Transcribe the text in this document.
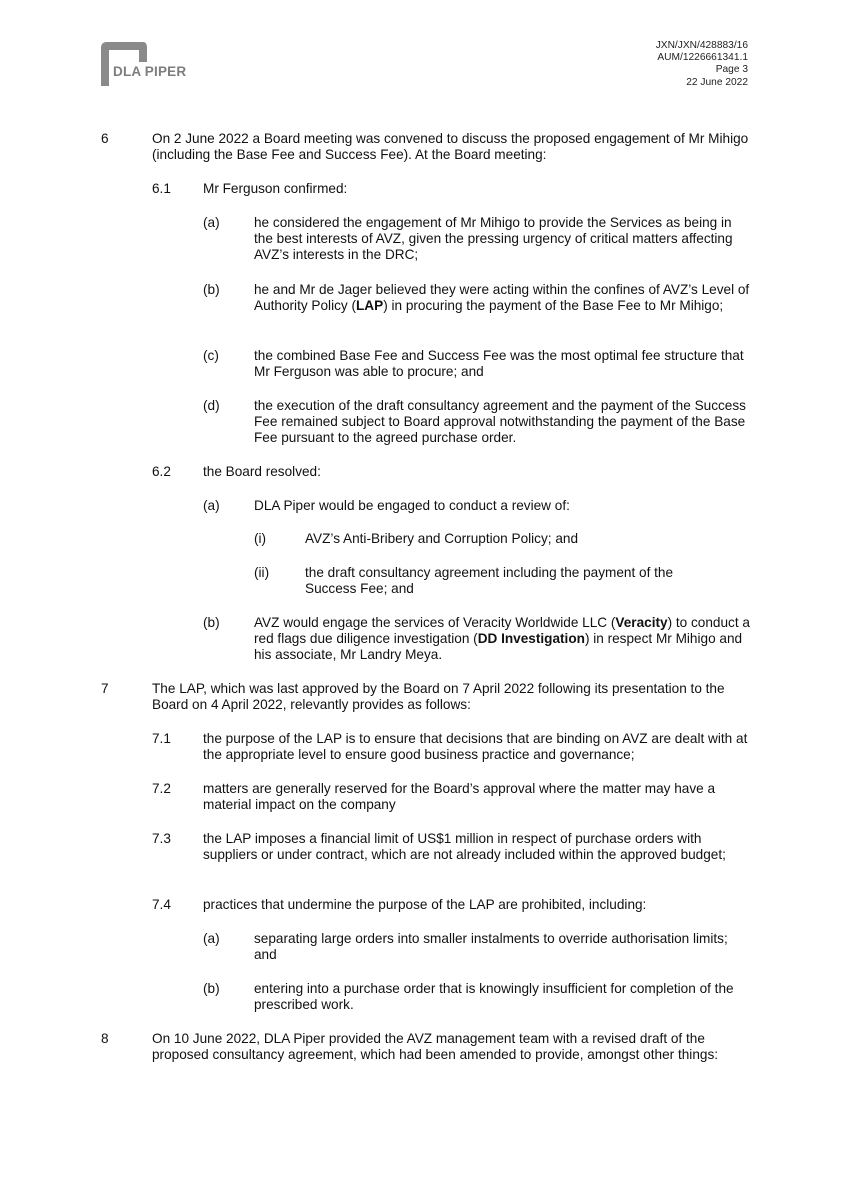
DLA PIPER
JXN/JXN/428883/16
AUM/1226661341.1
Page 3
22 June 2022
6	On 2 June 2022 a Board meeting was convened to discuss the proposed engagement of Mr Mihigo (including the Base Fee and Success Fee). At the Board meeting:
6.1 Mr Ferguson confirmed:
(a)	he considered the engagement of Mr Mihigo to provide the Services as being in the best interests of AVZ, given the pressing urgency of critical matters affecting AVZ’s interests in the DRC;
(b)	he and Mr de Jager believed they were acting within the confines of AVZ’s Level of Authority Policy (LAP) in procuring the payment of the Base Fee to Mr Mihigo;
(c)	the combined Base Fee and Success Fee was the most optimal fee structure that Mr Ferguson was able to procure; and
(d)	the execution of the draft consultancy agreement and the payment of the Success Fee remained subject to Board approval notwithstanding the payment of the Base Fee pursuant to the agreed purchase order.
6.2 the Board resolved:
(a)	DLA Piper would be engaged to conduct a review of:
(i)	AVZ’s Anti-Bribery and Corruption Policy; and
(ii)	the draft consultancy agreement including the payment of the Success Fee; and
(b)	AVZ would engage the services of Veracity Worldwide LLC (Veracity) to conduct a red flags due diligence investigation (DD Investigation) in respect Mr Mihigo and his associate, Mr Landry Meya.
7	The LAP, which was last approved by the Board on 7 April 2022 following its presentation to the Board on 4 April 2022, relevantly provides as follows:
7.1 the purpose of the LAP is to ensure that decisions that are binding on AVZ are dealt with at the appropriate level to ensure good business practice and governance;
7.2 matters are generally reserved for the Board’s approval where the matter may have a material impact on the company
7.3 the LAP imposes a financial limit of US$1 million in respect of purchase orders with suppliers or under contract, which are not already included within the approved budget;
7.4 practices that undermine the purpose of the LAP are prohibited, including:
(a)	separating large orders into smaller instalments to override authorisation limits; and
(b)	entering into a purchase order that is knowingly insufficient for completion of the prescribed work.
8	On 10 June 2022, DLA Piper provided the AVZ management team with a revised draft of the proposed consultancy agreement, which had been amended to provide, amongst other things:
